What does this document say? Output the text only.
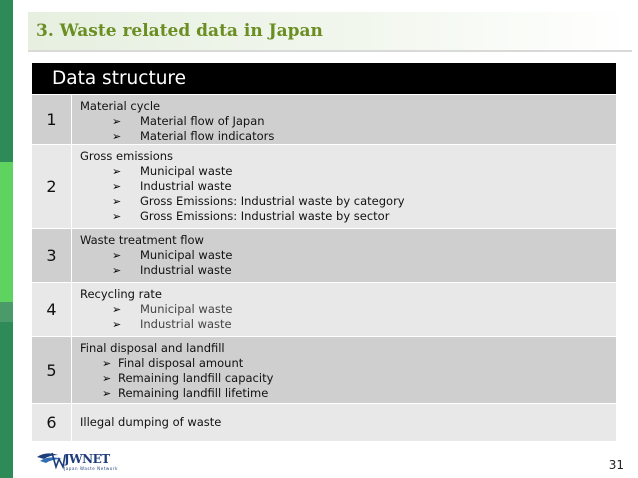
3. Waste related data in Japan
Data structure
1
Material cycle
➢	Material flow of Japan
➢	Material flow indicators
2
Gross emissions
➢	Municipal waste
➢	Industrial waste
➢	Gross Emissions: Industrial waste by category
➢	Gross Emissions: Industrial waste by sector
3
Waste treatment flow
➢	Municipal waste
➢	Industrial waste
4
Recycling rate
➢	Municipal waste
➢	Industrial waste
5
Final disposal and landfill
➢ Final disposal amount
➢ Remaining landfill capacity
➢ Remaining landfill lifetime
6	Illegal dumping of waste
JWNET
Japan Waste Network	31
